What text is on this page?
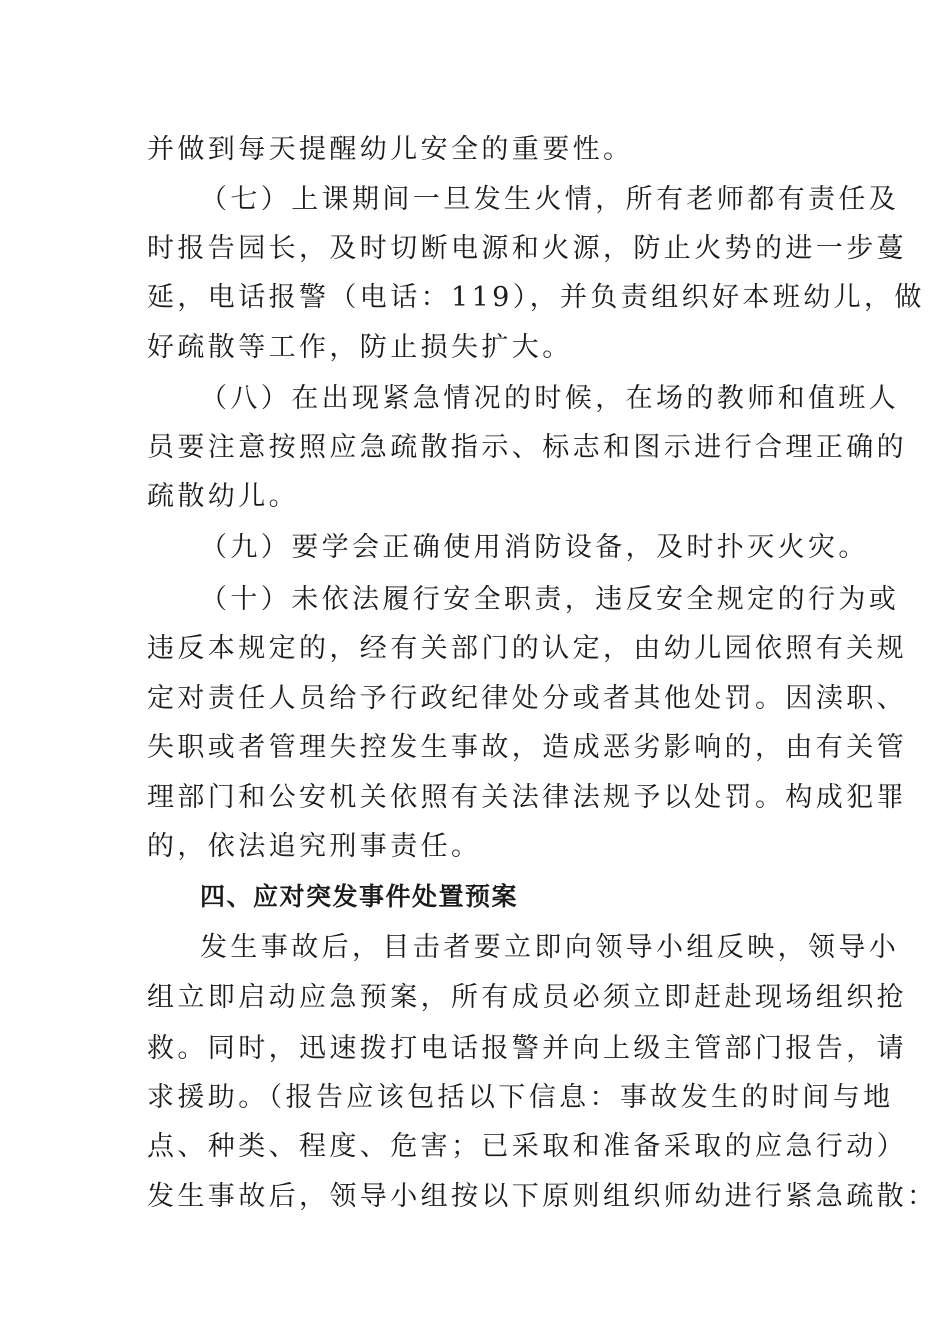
并做到每天提醒幼儿安全的重要性。
（七）上课期间一旦发生火情，所有老师都有责任及
时报告园长，及时切断电源和火源，防止火势的进一步蔓
延，电话报警（电话：119），并负责组织好本班幼儿，做
好疏散等工作，防止损失扩大。
（八）在出现紧急情况的时候，在场的教师和值班人
员要注意按照应急疏散指示、标志和图示进行合理正确的
疏散幼儿。
（九）要学会正确使用消防设备，及时扑灭火灾。
（十）未依法履行安全职责，违反安全规定的行为或
违反本规定的，经有关部门的认定，由幼儿园依照有关规
定对责任人员给予行政纪律处分或者其他处罚。因渎职、
失职或者管理失控发生事故，造成恶劣影响的，由有关管
理部门和公安机关依照有关法律法规予以处罚。构成犯罪
的，依法追究刑事责任。
四、应对突发事件处置预案
发生事故后，目击者要立即向领导小组反映，领导小
组立即启动应急预案，所有成员必须立即赶赴现场组织抢
救。同时，迅速拨打电话报警并向上级主管部门报告，请
求援助。（报告应该包括以下信息：事故发生的时间与地
点、种类、程度、危害；已采取和准备采取的应急行动）
发生事故后，领导小组按以下原则组织师幼进行紧急疏散：
